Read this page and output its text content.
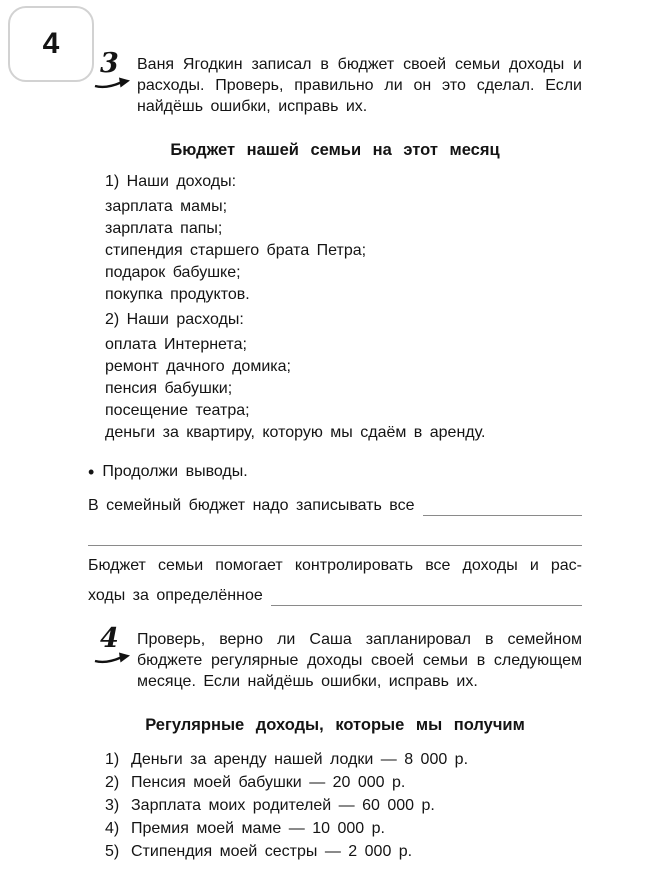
4
3	Ваня Ягодкин записал в бюджет своей семьи доходы и расходы. Проверь, правильно ли он это сделал. Если найдёшь ошибки, исправь их.

Бюджет нашей семьи на этот месяц

1) Наши доходы:

зарплата мамы;

зарплата папы;

стипендия старшего брата Петра;

подарок бабушке;

покупка продуктов.

2) Наши расходы:

оплата Интернета;

ремонт дачного домика;

пенсия бабушки;

посещение театра;

деньги за квартиру, которую мы сдаём в аренду.

• Продолжи выводы.
В семейный бюджет надо записывать все

Бюджет семьи помогает контролировать все доходы и рас-

ходы за определённое
4	Проверь, верно ли Саша запланировал в семейном бюджете регулярные доходы своей семьи в следующем месяце. Если найдёшь ошибки, исправь их.

Регулярные доходы, которые мы получим
1) Деньги за аренду нашей лодки — 8 000 р.
2) Пенсия моей бабушки — 20 000 р.
3) Зарплата моих родителей — 60 000 р.
4) Премия моей маме — 10 000 р.
5) Стипендия моей сестры — 2 000 р.
